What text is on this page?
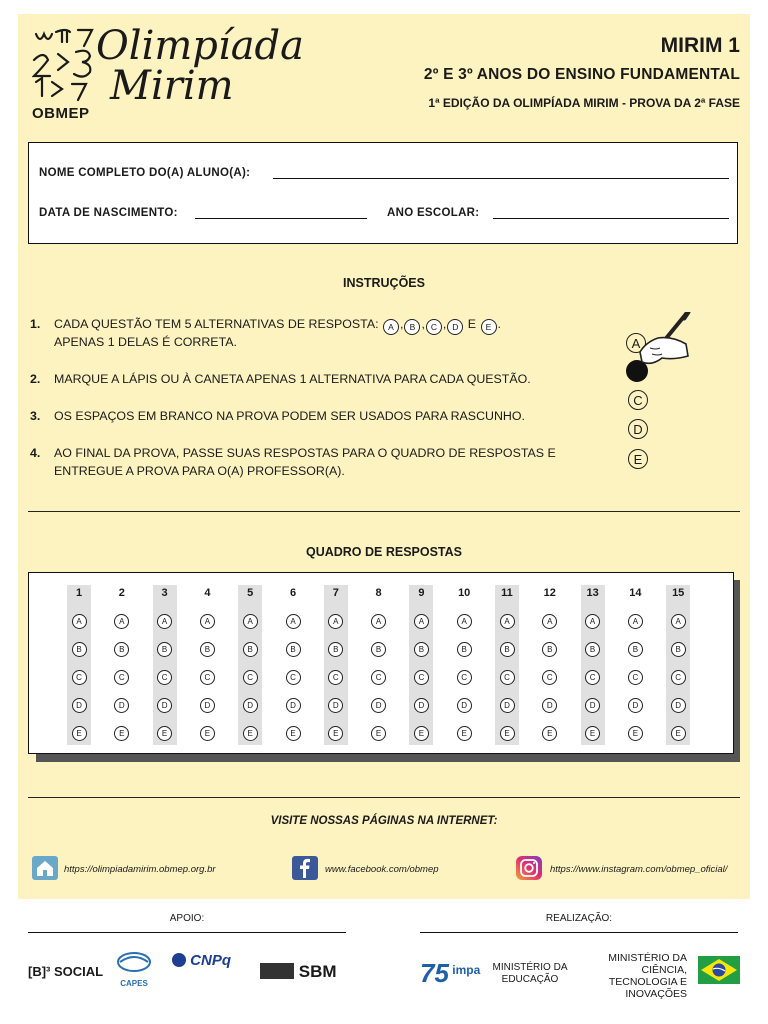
Olimpíada
Mirim
OBMEP
MIRIM 1
2º E 3º ANOS DO ENSINO FUNDAMENTAL
1ª EDIÇÃO DA OLIMPÍADA MIRIM - PROVA DA 2ª FASE
NOME COMPLETO DO(A) ALUNO(A):
DATA DE NASCIMENTO:	ANO ESCOLAR:
INSTRUÇÕES
1. CADA QUESTÃO TEM 5 ALTERNATIVAS DE RESPOSTA: A , B , C , D E E .
APENAS 1 DELAS É CORRETA.
2. MARQUE A LÁPIS OU À CANETA APENAS 1 ALTERNATIVA PARA CADA QUESTÃO.
3. OS ESPAÇOS EM BRANCO NA PROVA PODEM SER USADOS PARA RASCUNHO.
4. AO FINAL DA PROVA, PASSE SUAS RESPOSTAS PARA O QUADRO DE RESPOSTAS E
ENTREGUE A PROVA PARA O(A) PROFESSOR(A).
A
C
D
E
QUADRO DE RESPOSTAS
1
A
B
C
D
E
2
A
B
C
D
E
3
A
B
C
D
E
4
A
B
C
D
E
5
A
B
C
D
E
6
A
B
C
D
E
7
A
B
C
D
E
8
A
B
C
D
E
9
A
B
C
D
E
10
A
B
C
D
E
11
A
B
C
D
E
12
A
B
C
D
E
13
A
B
C
D
E
14
A
B
C
D
E
15
A
B
C
D
E
VISITE NOSSAS PÁGINAS NA INTERNET:
https://olimpiadamirim.obmep.org.br	www.facebook.com/obmep	https://www.instagram.com/obmep_oficial/
APOIO:	REALIZAÇÃO:
[B]³ SOCIAL
CAPES
CNPq
SBM	75 impa MINISTÉRIO DA EDUCAÇÃO
MINISTÉRIO DA CIÊNCIA, TECNOLOGIA E INOVAÇÕES
